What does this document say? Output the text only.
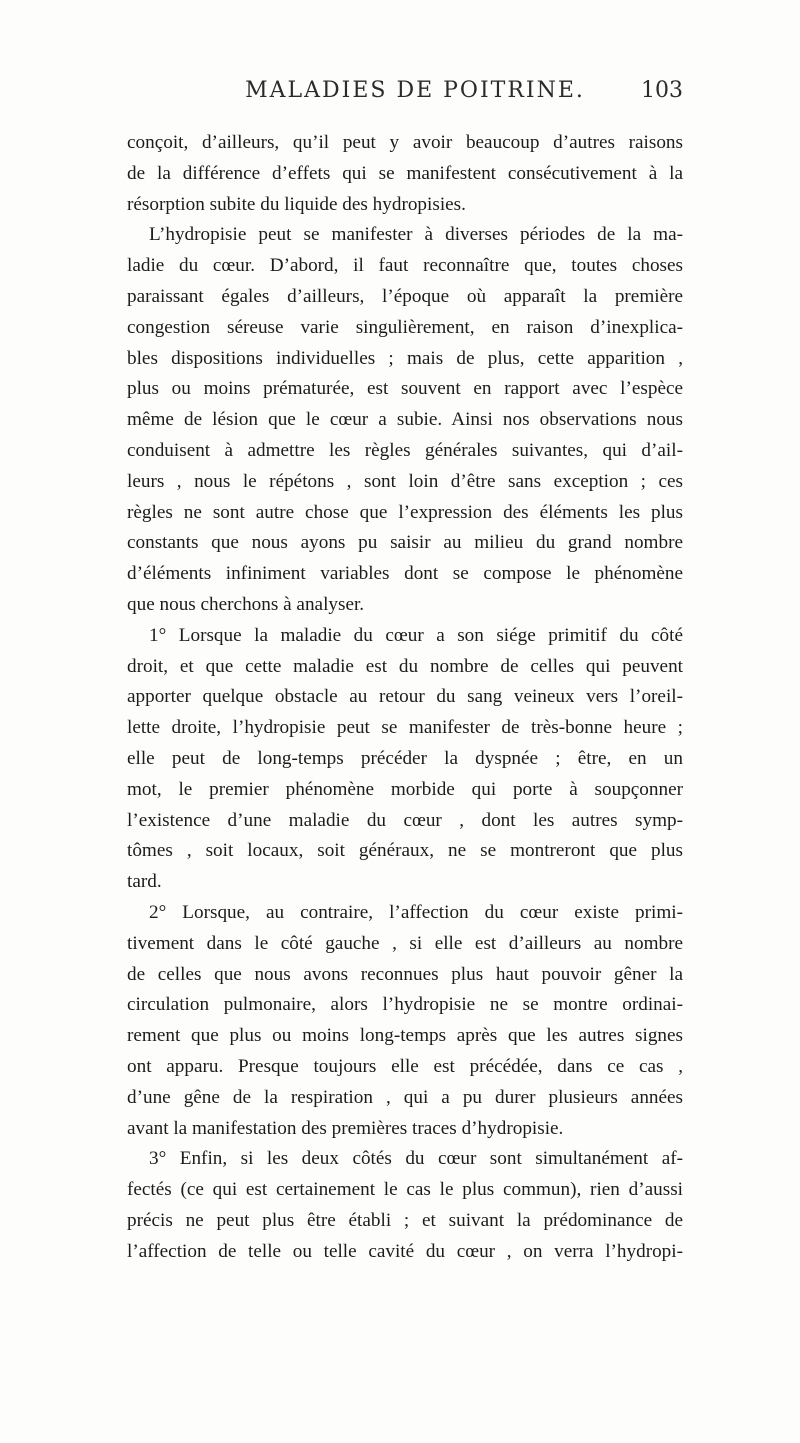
MALADIES DE POITRINE.	103
conçoit, d’ailleurs, qu’il peut y avoir beaucoup d’autres raisons
de la différence d’effets qui se manifestent consécutivement à la
résorption subite du liquide des hydropisies.
L’hydropisie peut se manifester à diverses périodes de la ma-
ladie du cœur. D’abord, il faut reconnaître que, toutes choses
paraissant égales d’ailleurs, l’époque où apparaît la première
congestion séreuse varie singulièrement, en raison d’inexplica-
bles dispositions individuelles ; mais de plus, cette apparition ,
plus ou moins prématurée, est souvent en rapport avec l’espèce
même de lésion que le cœur a subie. Ainsi nos observations nous
conduisent à admettre les règles générales suivantes, qui d’ail-
leurs , nous le répétons , sont loin d’être sans exception ; ces
règles ne sont autre chose que l’expression des éléments les plus
constants que nous ayons pu saisir au milieu du grand nombre
d’éléments infiniment variables dont se compose le phénomène
que nous cherchons à analyser.
1° Lorsque la maladie du cœur a son siége primitif du côté
droit, et que cette maladie est du nombre de celles qui peuvent
apporter quelque obstacle au retour du sang veineux vers l’oreil-
lette droite, l’hydropisie peut se manifester de très-bonne heure ;
elle peut de long-temps précéder la dyspnée ; être, en un
mot, le premier phénomène morbide qui porte à soupçonner
l’existence d’une maladie du cœur , dont les autres symp-
tômes , soit locaux, soit généraux, ne se montreront que plus
tard.
2° Lorsque, au contraire, l’affection du cœur existe primi-
tivement dans le côté gauche , si elle est d’ailleurs au nombre
de celles que nous avons reconnues plus haut pouvoir gêner la
circulation pulmonaire, alors l’hydropisie ne se montre ordinai-
rement que plus ou moins long-temps après que les autres signes
ont apparu. Presque toujours elle est précédée, dans ce cas ,
d’une gêne de la respiration , qui a pu durer plusieurs années
avant la manifestation des premières traces d’hydropisie.
3° Enfin, si les deux côtés du cœur sont simultanément af-
fectés (ce qui est certainement le cas le plus commun), rien d’aussi
précis ne peut plus être établi ; et suivant la prédominance de
l’affection de telle ou telle cavité du cœur , on verra l’hydropi-
